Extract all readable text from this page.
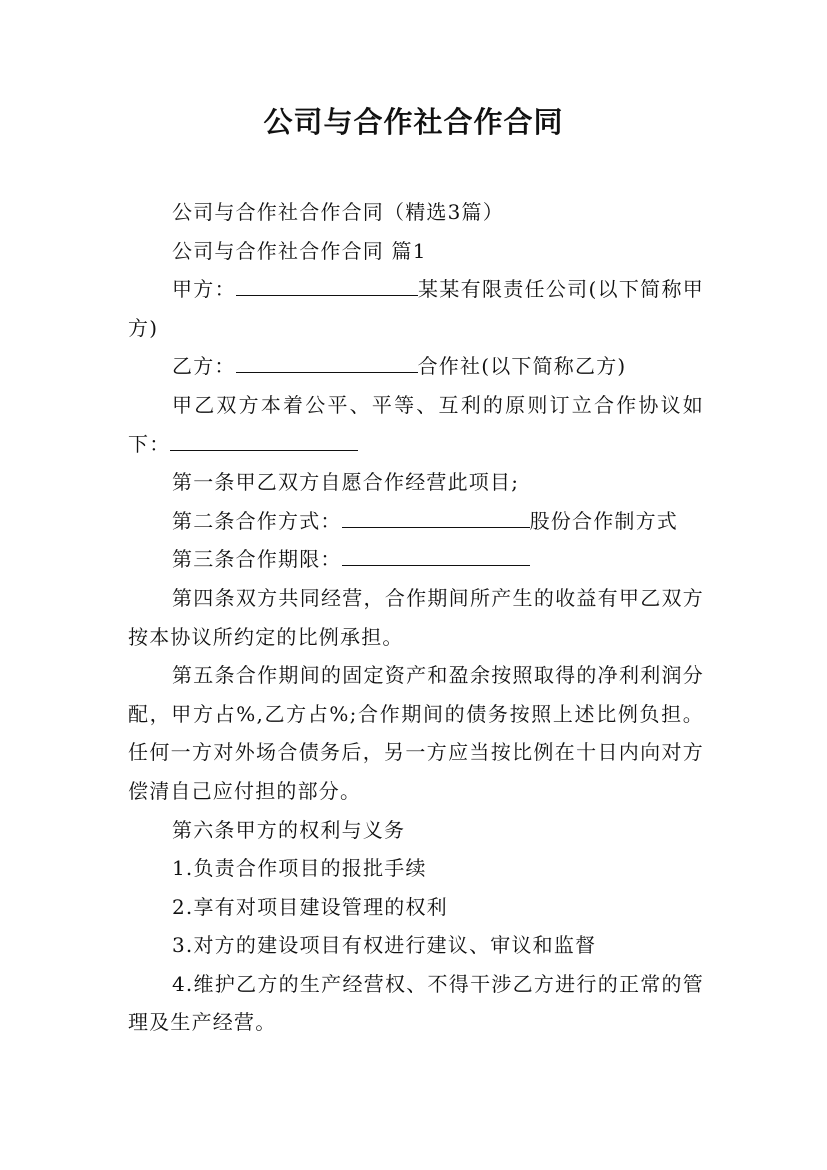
公司与合作社合作合同

公司与合作社合作合同（精选3篇）

公司与合作社合作合同 篇1

甲方：	某某有限责任公司(以下简称甲方)

乙方：	合作社(以下简称乙方)

甲乙双方本着公平、平等、互利的原则订立合作协议如下：

第一条甲乙双方自愿合作经营此项目;

第二条合作方式：	股份合作制方式

第三条合作期限：

第四条双方共同经营，合作期间所产生的收益有甲乙双方按本协议所约定的比例承担。

第五条合作期间的固定资产和盈余按照取得的净利利润分配，甲方占%,乙方占%;合作期间的债务按照上述比例负担。任何一方对外场合债务后，另一方应当按比例在十日内向对方偿清自己应付担的部分。

第六条甲方的权利与义务

1.负责合作项目的报批手续

2.享有对项目建设管理的权利

3.对方的建设项目有权进行建议、审议和监督

4.维护乙方的生产经营权、不得干涉乙方进行的正常的管理及生产经营。
